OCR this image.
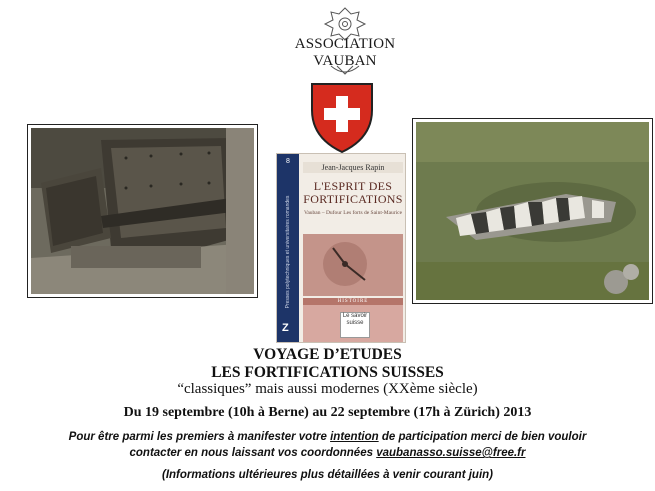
ASSOCIATION VAUBAN
8
Presses polytechniques et universitaires romandes
Z
Jean-Jacques Rapin
L'ESPRIT DES FORTIFICATIONS
Vauban – Dufour Les forts de Saint-Maurice
HISTOIRE
Le savoir suisse
VOYAGE D’ETUDES
LES FORTIFICATIONS SUISSES
“classiques” mais aussi modernes (XXème siècle)
Du 19 septembre (10h à Berne) au 22 septembre (17h à Zürich) 2013
Pour être parmi les premiers à manifester votre intention de participation merci de bien vouloir
contacter en nous laissant vos coordonnées vaubanasso.suisse@free.fr
(Informations ultérieures plus détaillées à venir courant juin)
